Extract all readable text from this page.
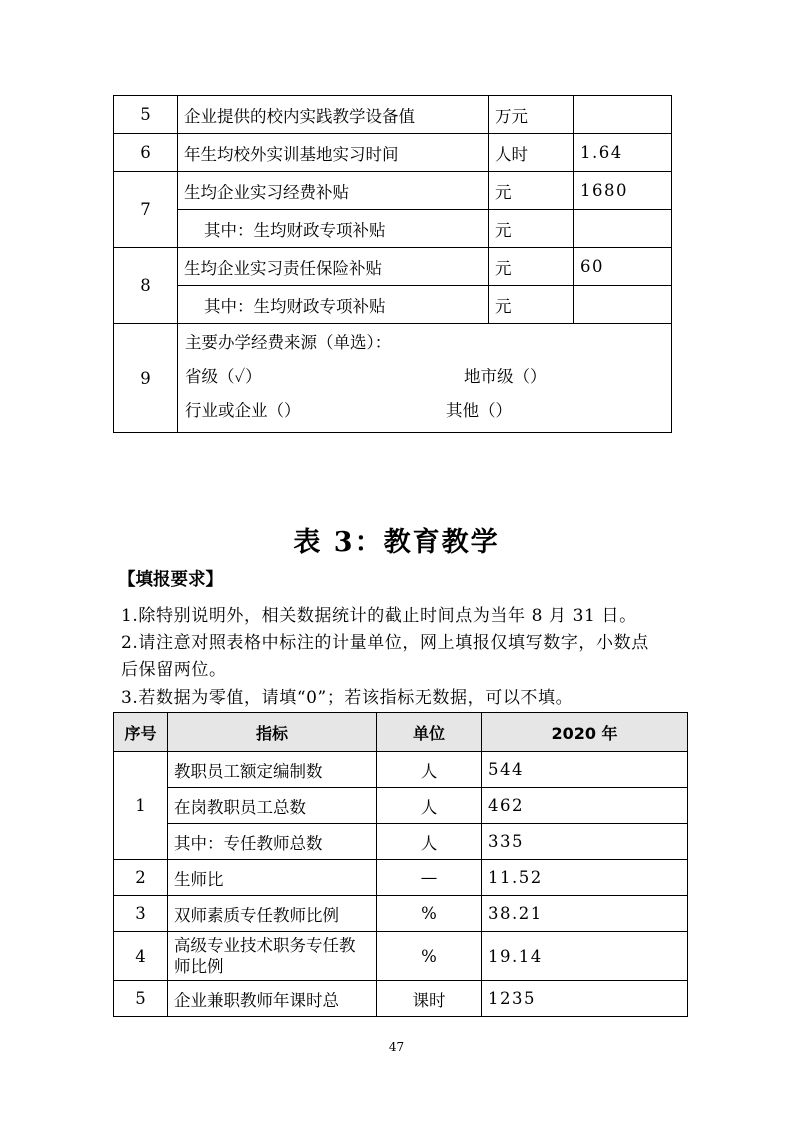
5	企业提供的校内实践教学设备值	万元	
6	年生均校外实训基地实习时间	人时	1.64
7	生均企业实习经费补贴	元	1680
	其中：生均财政专项补贴	元	
8	生均企业实习责任保险补贴	元	60
	其中：生均财政专项补贴	元	
9	主要办学经费来源（单选）：
省级（✓） 地市级（）
行业或企业（） 其他（）		
表 3：教育教学
【填报要求】
1.除特别说明外，相关数据统计的截止时间点为当年 8 月 31 日。
2.请注意对照表格中标注的计量单位，网上填报仅填写数字，小数点
后保留两位。
3.若数据为零值，请填“0”；若该指标无数据，可以不填。
序号	指标	单位	2020 年
1	教职员工额定编制数	人	544
	在岗教职员工总数	人	462
	其中：专任教师总数	人	335
2	生师比	—	11.52
3	双师素质专任教师比例	%	38.21
4	高级专业技术职务专任教师比例	%	19.14
5	企业兼职教师年课时总	课时	1235
47
